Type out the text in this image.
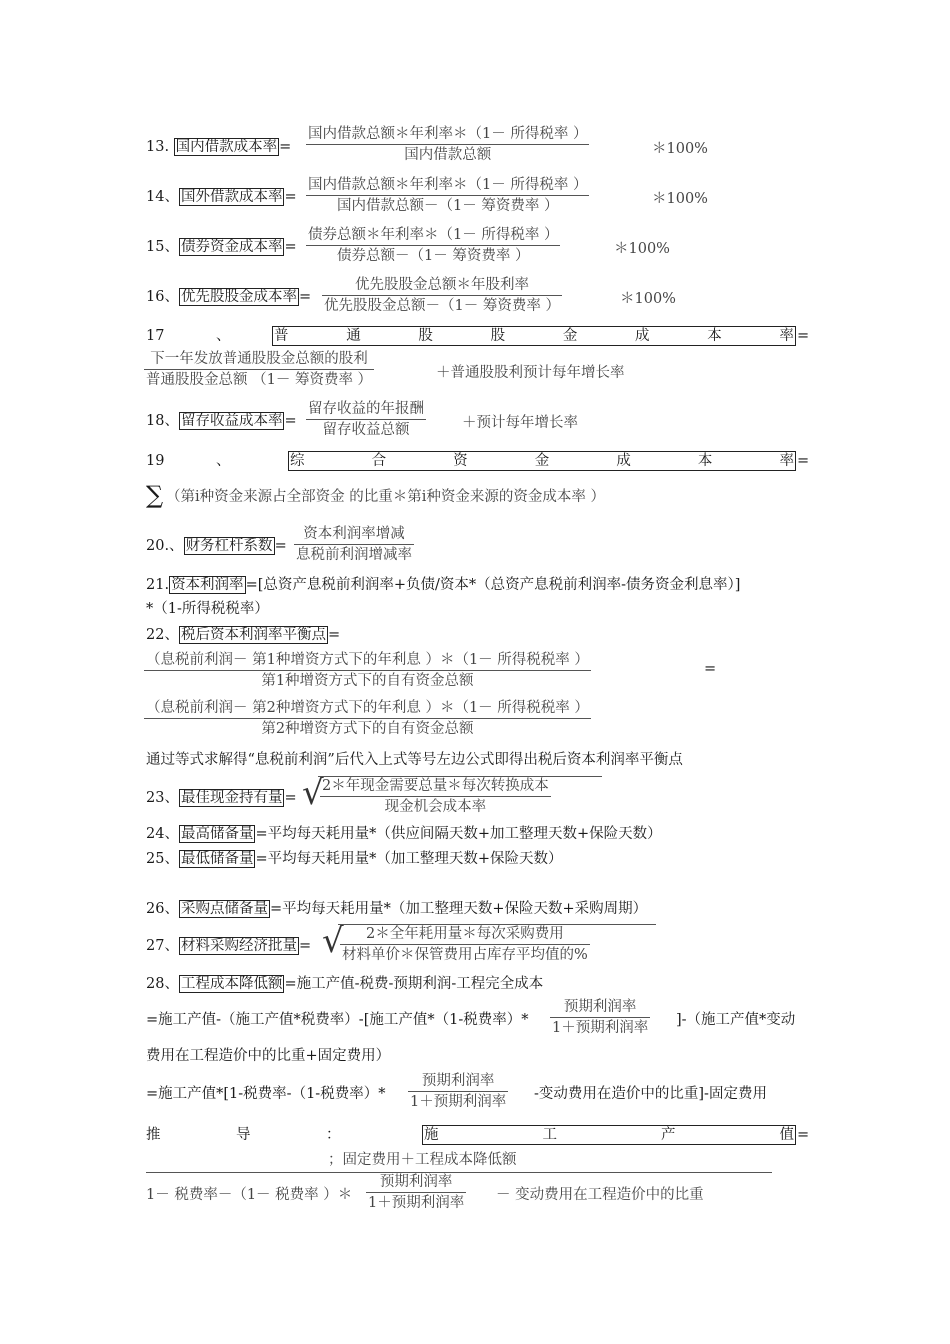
13. 国内借款成本率 =
国内借款总额＊年利率＊（1－ 所得税率 ）
国内借款总额	＊100%
14、 国外借款成本率 =
国内借款总额＊年利率＊（1－ 所得税率 ）
国内借款总额－（1－ 筹资费率 ）	＊100%
15、 债券资金成本率 =
债券总额＊年利率＊（1－ 所得税率 ）
债券总额－（1－ 筹资费率 ）	＊100%
16、 优先股股金成本率 =
优先股股金总额＊年股利率
优先股股金总额－（1－ 筹资费率 ）	＊100%
17	、	普	通	股	股	金	成	本	率 =
下一年发放普通股股金总额的股利
普通股股金总额 （1－ 筹资费率 ）	＋普通股股利预计每年增长率
18、 留存收益成本率 =
留存收益的年报酬
留存收益总额	＋预计每年增长率
19	、	综	合	资	金	成	本	率 =
∑ （第i种资金来源占全部资金 的比重＊第i种资金来源的资金成本率 ）
20.、 财务杠杆系数 =
资本利润率增减
息税前利润增减率
21. 资本利润率 =[总资产息税前利润率+负债/资本*（总资产息税前利润率-债务资金利息率）]
*（1-所得税税率）
22、 税后资本利润率平衡点 =
（息税前利润－ 第1种增资方式下的年利息 ）＊（1－ 所得税税率 ）
第1种增资方式下的自有资金总额
=
（息税前利润－ 第2种增资方式下的年利息 ）＊（1－ 所得税税率 ）
第2种增资方式下的自有资金总额
通过等式求解得“息税前利润”后代入上式等号左边公式即得出税后资本利润率平衡点
23、 最佳现金持有量 = √
2＊年现金需要总量＊每次转换成本
现金机会成本率
24、 最高储备量 =平均每天耗用量*（供应间隔天数+加工整理天数+保险天数）
25、 最低储备量 =平均每天耗用量*（加工整理天数+保险天数）
26、 采购点储备量 =平均每天耗用量*（加工整理天数+保险天数+采购周期）
27、 材料采购经济批量 = √	2＊全年耗用量＊每次采购费用
材料单价＊保管费用占库存平均值的%
28、 工程成本降低额 =施工产值-税费-预期利润-工程完全成本
=施工产值-（施工产值*税费率）-[施工产值*（1-税费率）*
预期利润率
1＋预期利润率 ]-（施工产值*变动
费用在工程造价中的比重+固定费用）
=施工产值*[1-税费率-（1-税费率）*
预期利润率
1＋预期利润率 -变动费用在造价中的比重]-固定费用
推	导	：	施	工	产	值 =
；固定费用＋工程成本降低额
1－ 税费率－（1－ 税费率 ）＊
预期利润率
1＋预期利润率 － 变动费用在工程造价中的比重
